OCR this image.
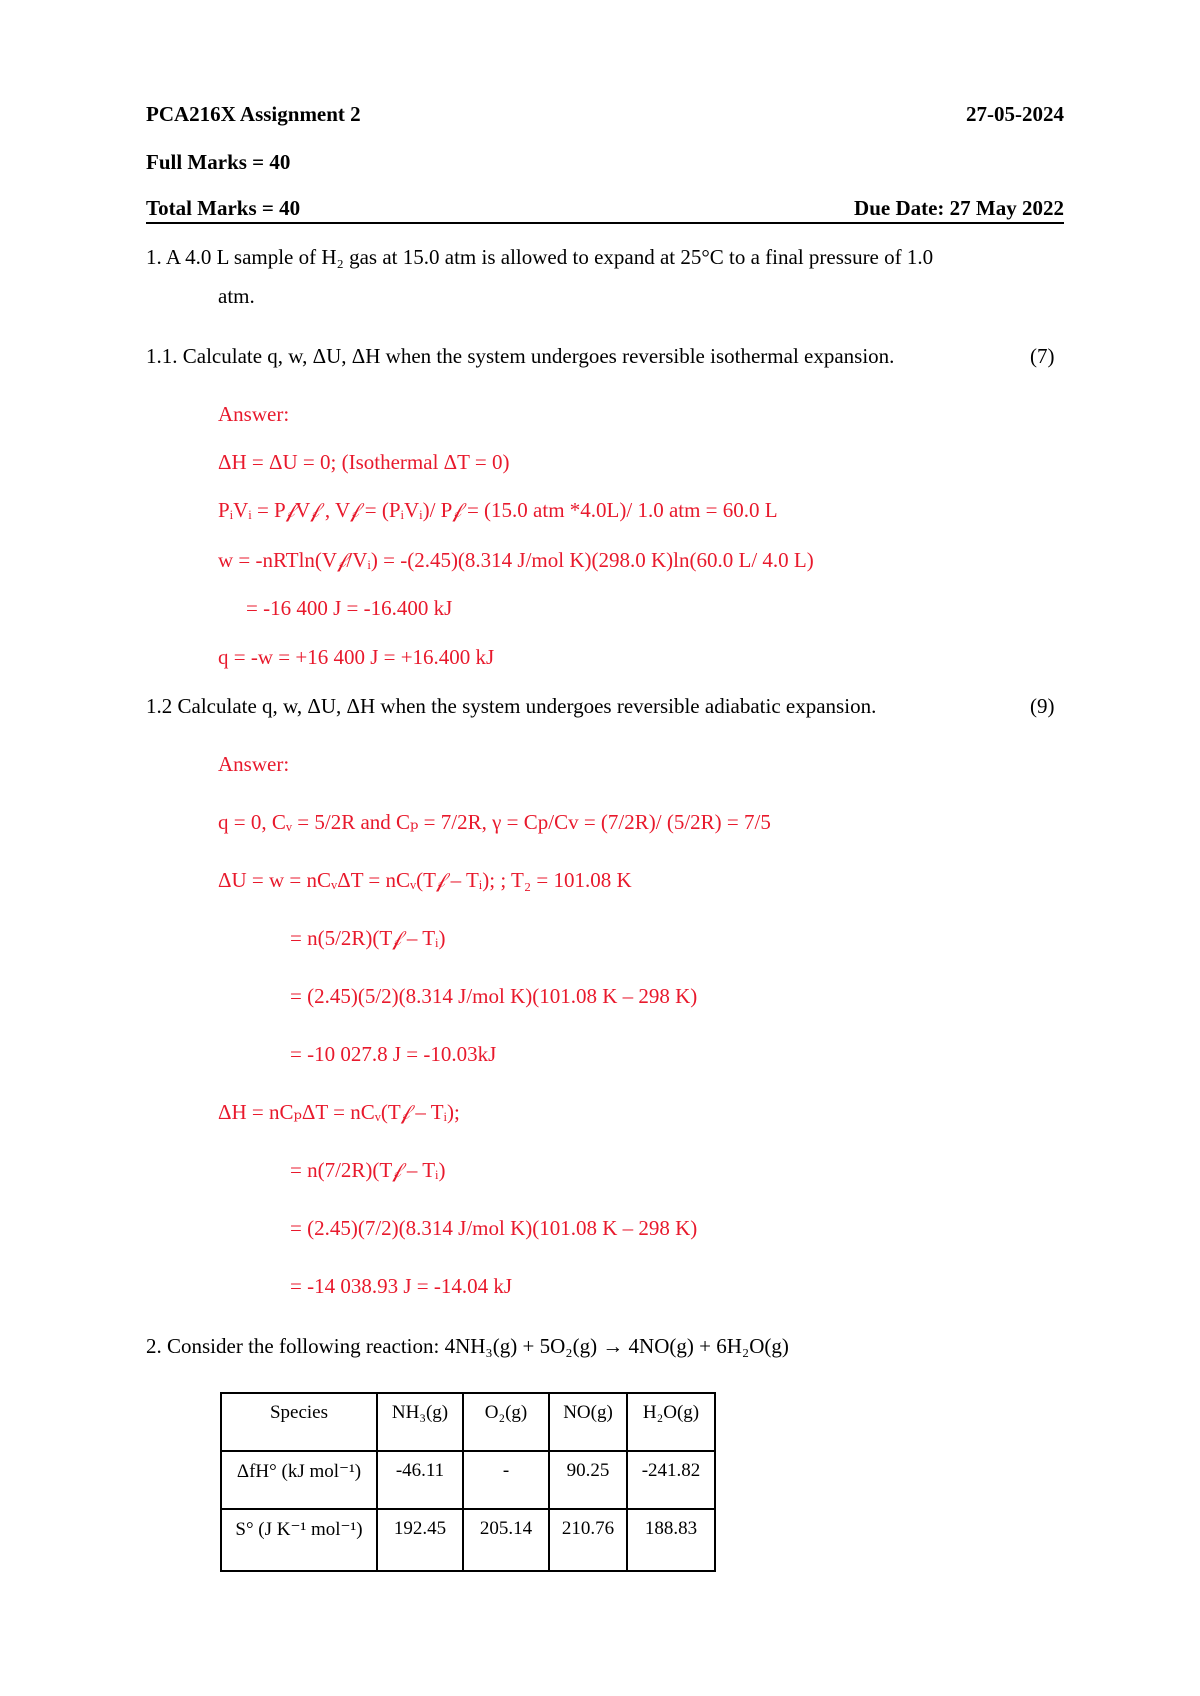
PCA216X Assignment 2	27-05-2024
Full Marks = 40
Total Marks = 40	Due Date: 27 May 2022
1. A 4.0 L sample of H₂ gas at 15.0 atm is allowed to expand at 25°C to a final pressure of 1.0
atm.
1.1. Calculate q, w, ΔU, ΔH when the system undergoes reversible isothermal expansion.	(7)
Answer:
ΔH = ΔU = 0; (Isothermal ΔT = 0)
PᵢVᵢ = P𝒻V𝒻 , V𝒻 = (PᵢVᵢ)/ P𝒻 = (15.0 atm *4.0L)/ 1.0 atm = 60.0 L
w = -nRTln(V𝒻/Vᵢ) = -(2.45)(8.314 J/mol K)(298.0 K)ln(60.0 L/ 4.0 L)
= -16 400 J = -16.400 kJ
q = -w = +16 400 J = +16.400 kJ
1.2 Calculate q, w, ΔU, ΔH when the system undergoes reversible adiabatic expansion.	(9)
Answer:
q = 0, Cᵥ = 5/2R and Cₚ = 7/2R, γ = Cp/Cv = (7/2R)/ (5/2R) = 7/5
ΔU = w = nCᵥΔT = nCᵥ(T𝒻 – Tᵢ); ; T₂ = 101.08 K
= n(5/2R)(T𝒻 – Tᵢ)
= (2.45)(5/2)(8.314 J/mol K)(101.08 K – 298 K)
= -10 027.8 J = -10.03kJ
ΔH = nCₚΔT = nCᵥ(T𝒻 – Tᵢ);
= n(7/2R)(T𝒻 – Tᵢ)
= (2.45)(7/2)(8.314 J/mol K)(101.08 K – 298 K)
= -14 038.93 J = -14.04 kJ
2. Consider the following reaction: 4NH₃(g) + 5O₂(g) → 4NO(g) + 6H₂O(g)
Species	NH₃(g)	O₂(g)	NO(g)	H₂O(g)
ΔfH° (kJ mol⁻¹)	-46.11	-	90.25	-241.82
S° (J K⁻¹ mol⁻¹)	192.45	205.14	210.76	188.83
